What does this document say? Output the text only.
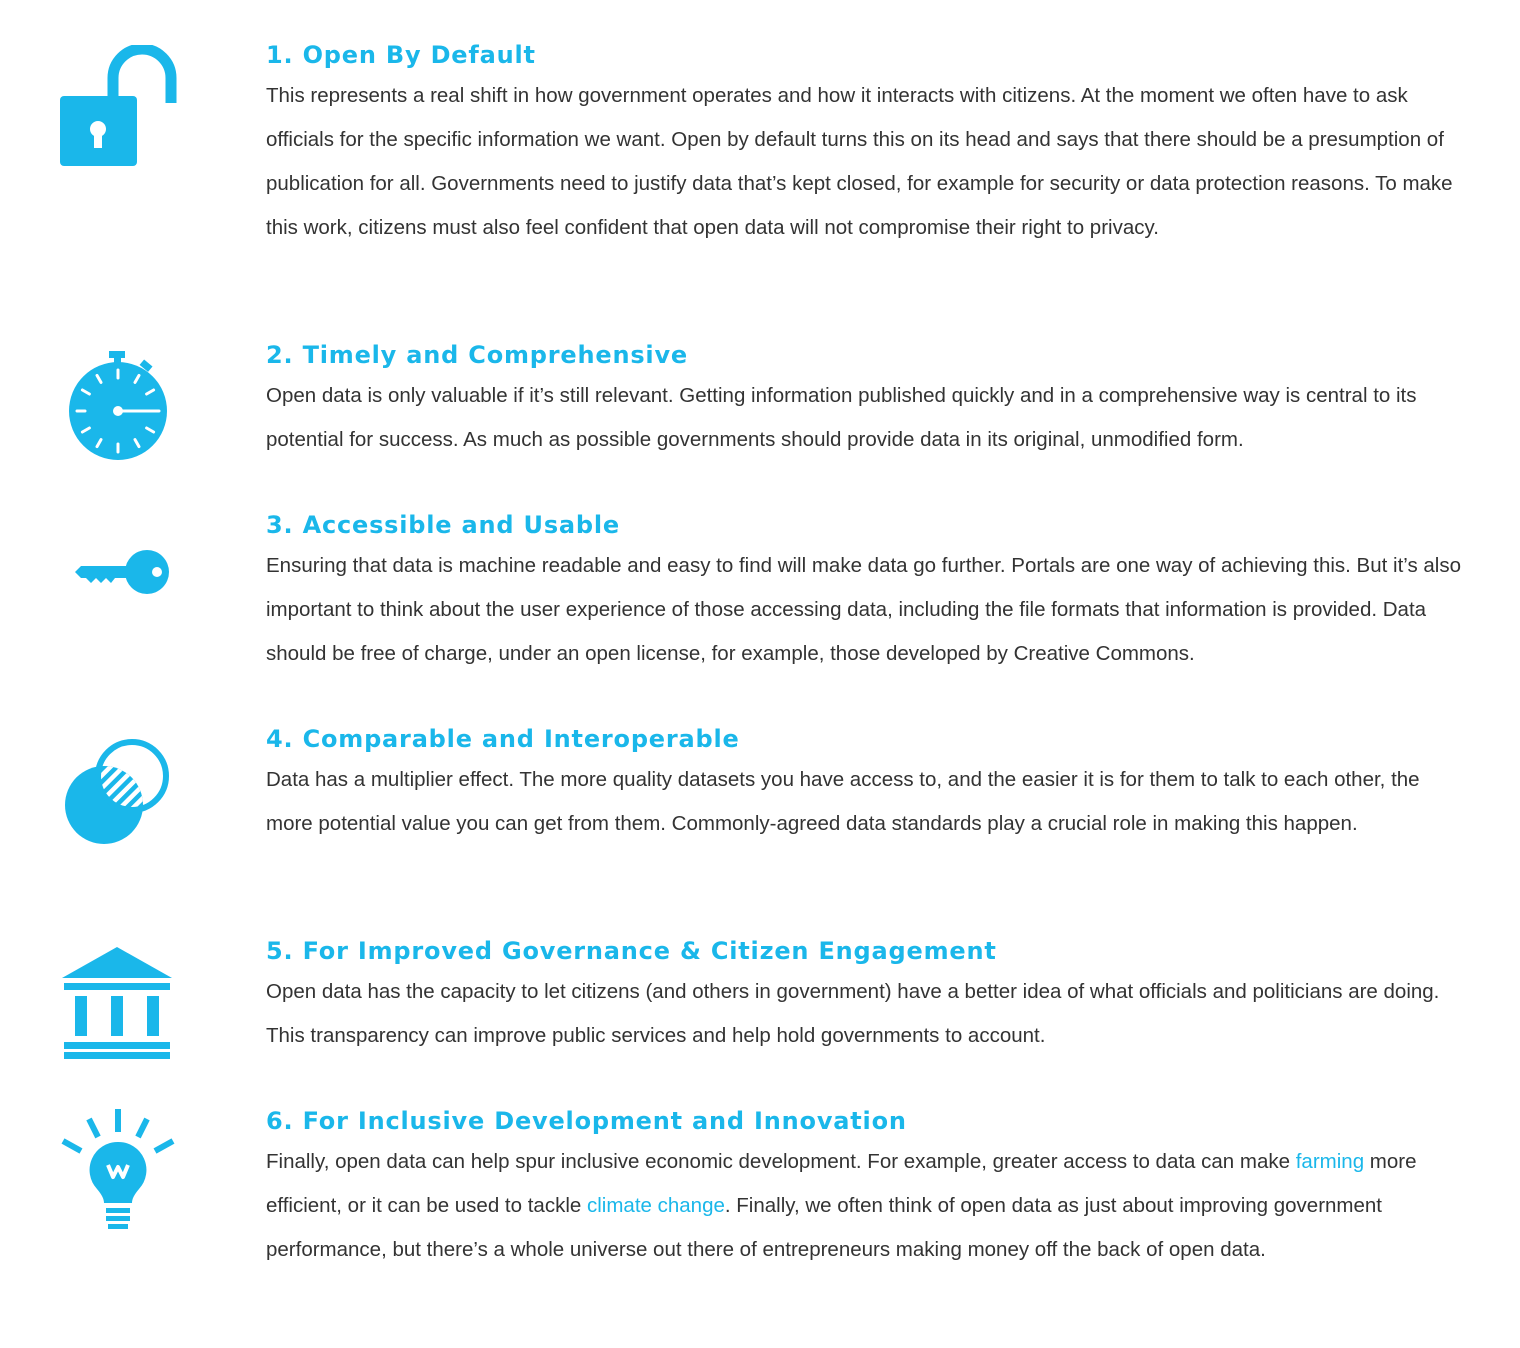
1. Open By Default

This represents a real shift in how government operates and how it interacts with citizens. At the moment we often have to ask officials for the specific information we want. Open by default turns this on its head and says that there should be a presumption of publication for all. Governments need to justify data that’s kept closed, for example for security or data protection reasons. To make this work, citizens must also feel confident that open data will not compromise their right to privacy.

2. Timely and Comprehensive

Open data is only valuable if it’s still relevant. Getting information published quickly and in a comprehensive way is central to its potential for success. As much as possible governments should provide data in its original, unmodified form.

3. Accessible and Usable

Ensuring that data is machine readable and easy to find will make data go further. Portals are one way of achieving this. But it’s also important to think about the user experience of those accessing data, including the file formats that information is provided. Data should be free of charge, under an open license, for example, those developed by Creative Commons.

4. Comparable and Interoperable

Data has a multiplier effect. The more quality datasets you have access to, and the easier it is for them to talk to each other, the more potential value you can get from them. Commonly-agreed data standards play a crucial role in making this happen.

5. For Improved Governance & Citizen Engagement

Open data has the capacity to let citizens (and others in government) have a better idea of what officials and politicians are doing. This transparency can improve public services and help hold governments to account.

6. For Inclusive Development and Innovation

Finally, open data can help spur inclusive economic development. For example, greater access to data can make farming more efficient, or it can be used to tackle climate change. Finally, we often think of open data as just about improving government performance, but there’s a whole universe out there of entrepreneurs making money off the back of open data.
